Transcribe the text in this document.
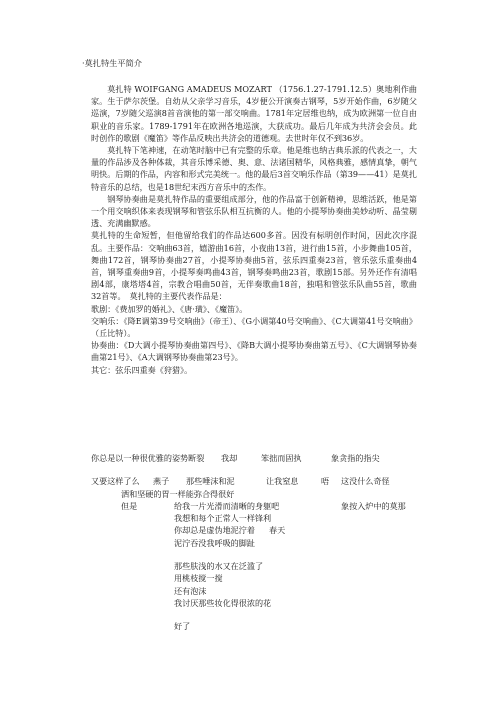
·莫扎特生平简介

莫扎特 WOIFGANG AMADEUS MOZART （1756.1.27-1791.12.5）奥地利作曲家。生于萨尔茨堡。自幼从父亲学习音乐，4岁便公开演奏古钢琴，5岁开始作曲，6岁随父巡演，7岁随父巡演8首音演他的第一部交响曲。1781年定居维也纳，成为欧洲第一位自由职业的音乐家。1789-1791年在欧洲各地巡演，大获成功。最后几年成为共济会会员。此时创作的歌剧《魔笛》等作品反映出共济会的道德观。去世时年仅不到36岁。

莫扎特下笔神速，在动笔时脑中已有完整的乐章。他是维也纳古典乐派的代表之一，大量的作品涉及各种体裁，其音乐博采德、奥、意、法诸国精华，风格典雅，感情真挚，朝气明快。后期的作品，内容和形式完美统一。他的最后3首交响乐作品（第39——41）是莫扎特音乐的总结，也是18世纪末西方音乐中的杰作。

钢琴协奏曲是莫扎特作品的重要组成部分，他的作品富于创新精神，思维活跃，他是第一个用交响织体来表现钢琴和管弦乐队相互抗衡的人。他的小提琴协奏曲美妙动听、晶莹剔透、充满幽默感。

莫扎特的生命短暂，但他留给我们的作品达600多首。因没有标明创作时间，因此次序混乱。主要作品：交响曲63首，嬉游曲16首，小夜曲13首，进行曲15首，小步舞曲105首，舞曲172首，钢琴协奏曲27首，小提琴协奏曲5首，弦乐四重奏23首，管乐弦乐重奏曲4首，钢琴重奏曲9首，小提琴奏鸣曲43首，钢琴奏鸣曲23首，歌剧15部。另外还作有清唱剧4部，康塔塔4首，宗教合唱曲50首，无伴奏歌曲18首，独唱和管弦乐队曲55首，歌曲32首等。　莫扎特的主要代表作品是：

歌剧：《费加罗的婚礼》、《唐·璜》、《魔笛》。

交响乐：《降E调第39号交响曲》（帝王）、《G小调第40号交响曲》、《C大调第41号交响曲》（丘比特）。

协奏曲：《D大调小提琴协奏曲第四号》、《降B大调小提琴协奏曲第五号》、《C大调钢琴协奏曲第21号》、《A大调钢琴协奏曲第23号》。

其它：弦乐四重奏《狩猎》。

你总是以一种很优雅的姿势断裂 我却	笨拙而固执	象贪指的指尖
又要这样了么 燕子 那些唾沫和泥	让我窒息	唔 这没什么奇怪
洒和坚硬的胃一样能弥合得很好
但是	给我一片光滑而清晰的身躯吧	象按入炉中的莫那
我想和每个正常人一样锋利
你却总是虚伪地泥泞着 春天
泥泞吞没我呼吸的脚趾
那些肤浅的水又在泛滥了
用桃枝搅一搅
还有泡沫
我讨厌那些妆化得很浓的花
好了
